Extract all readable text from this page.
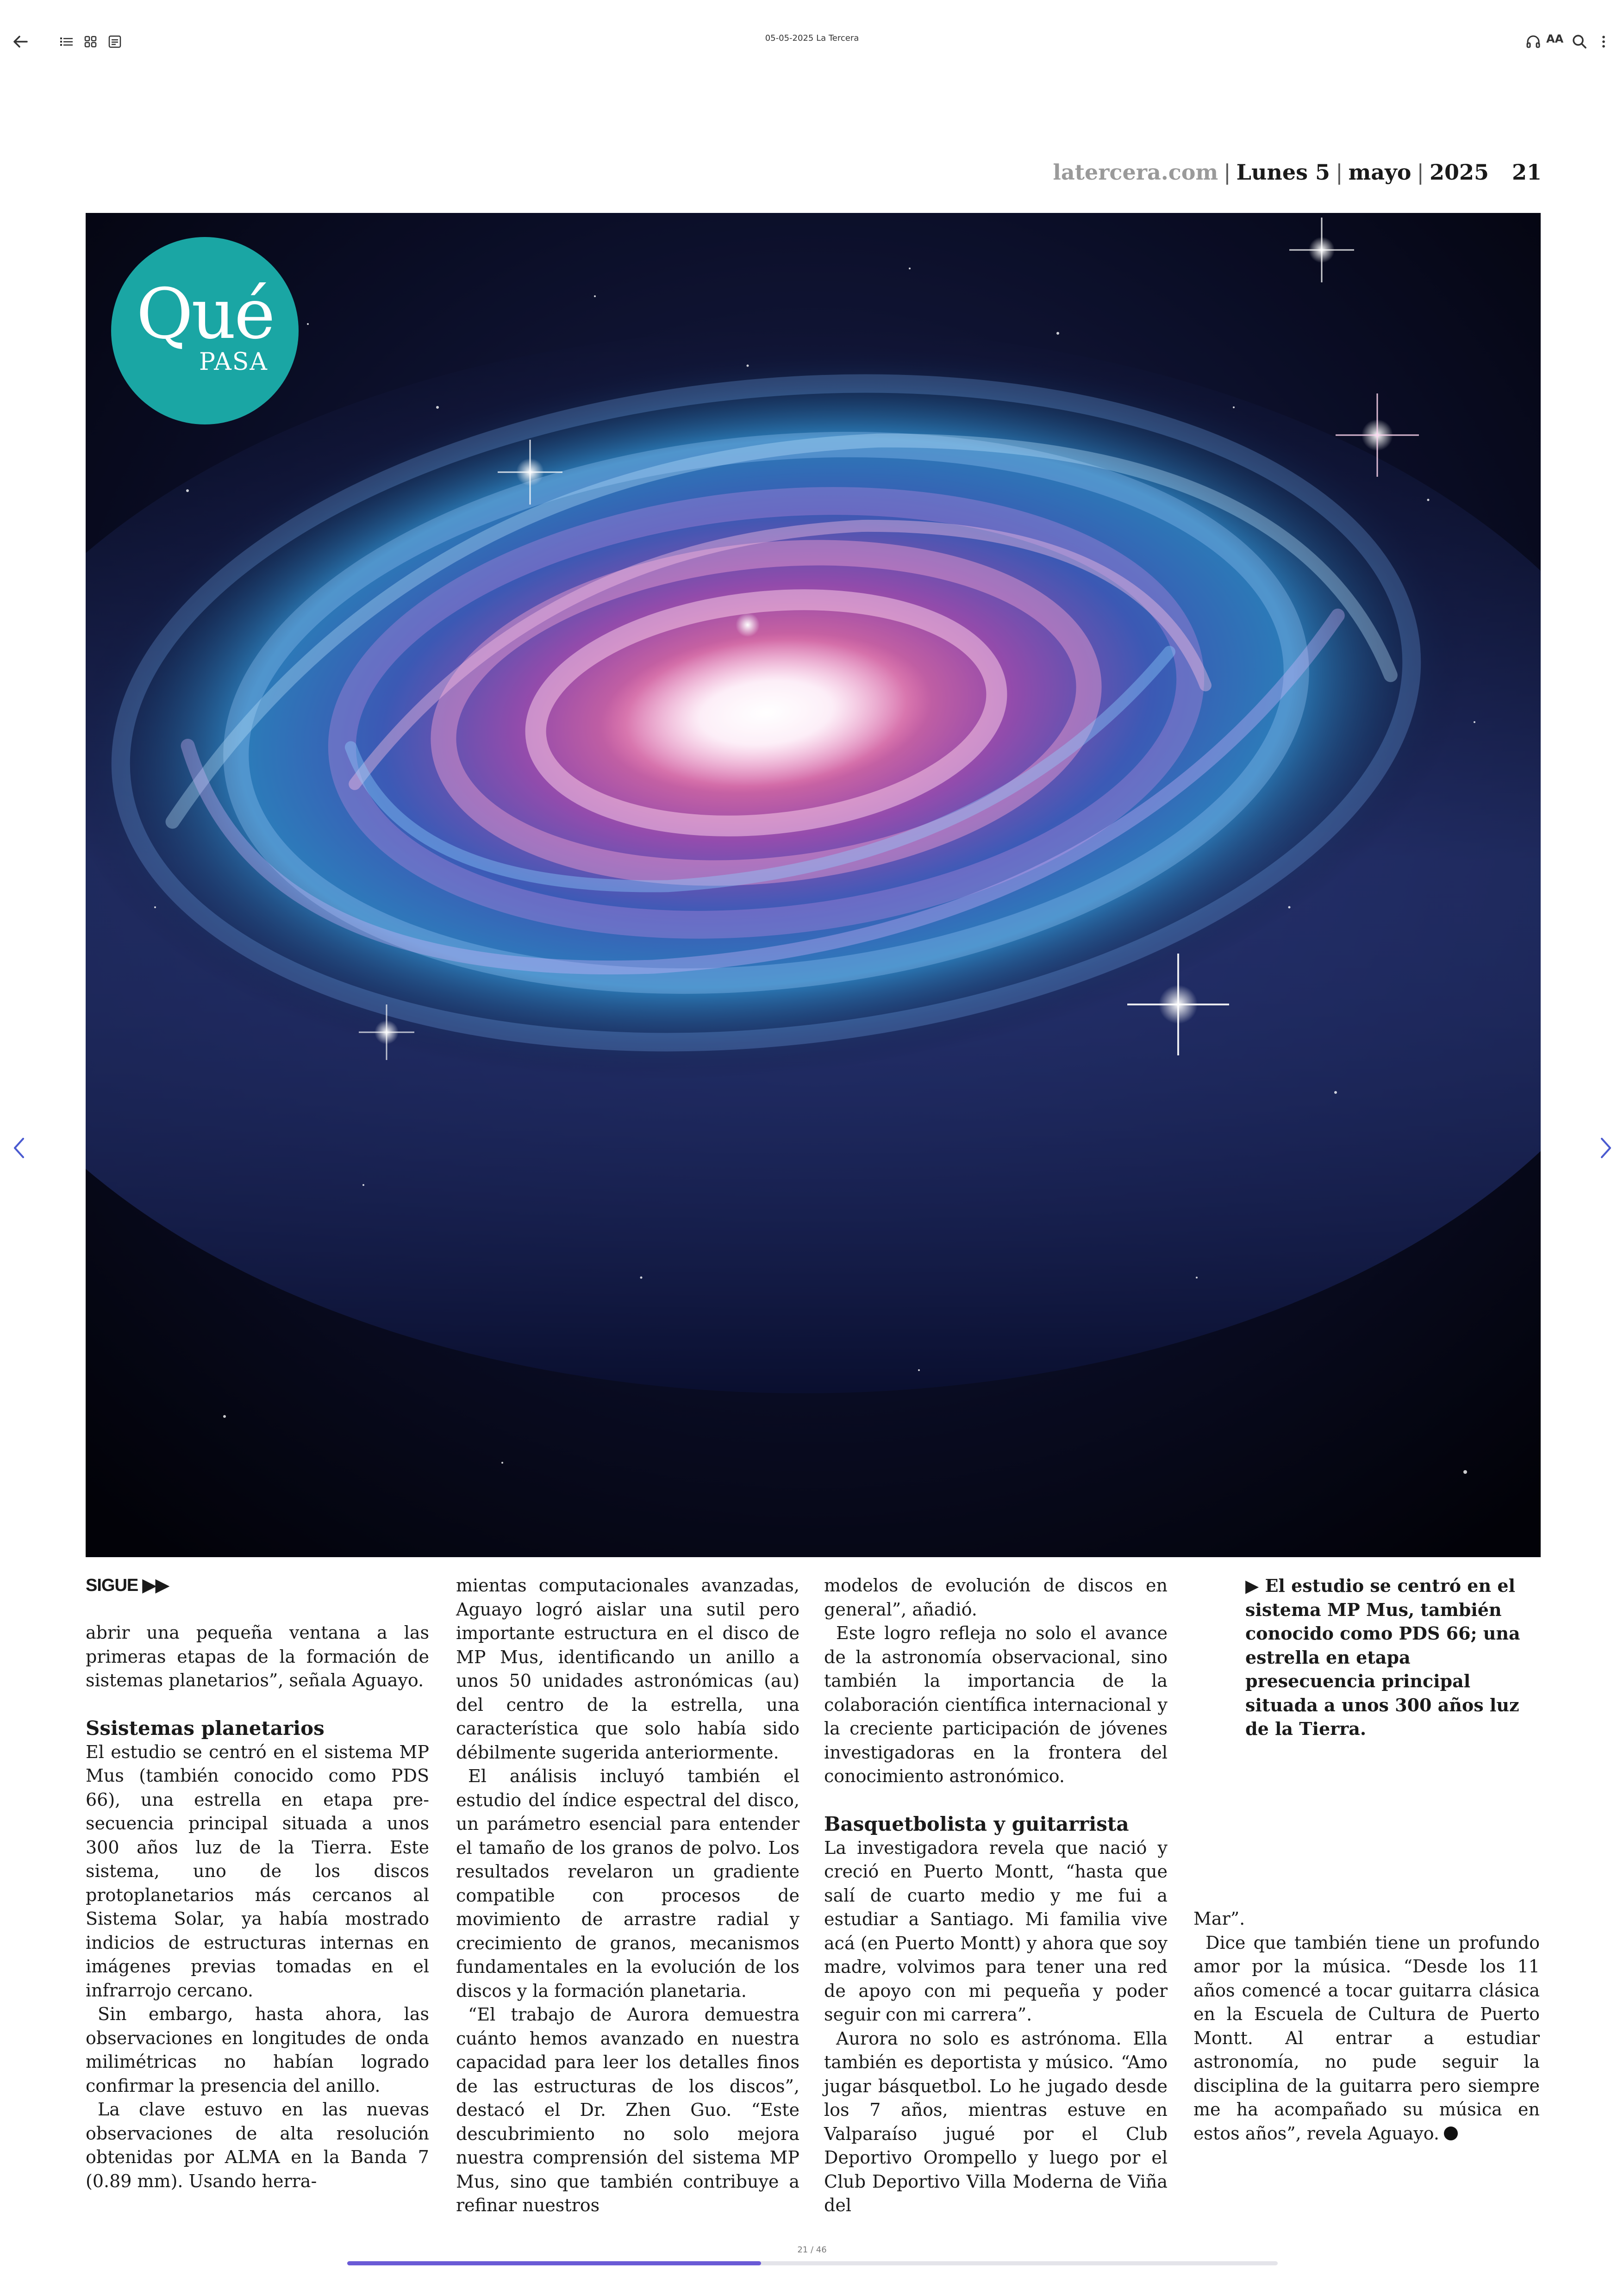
05-05-2025 La Tercera	AA
latercera.com | Lunes 5 | mayo | 2025 21
Qué
PASA
SIGUE ▶▶

abrir una pequeña ventana a las primeras etapas de la formación de sistemas planetarios”, señala Aguayo.

Ssistemas planetarios

El estudio se centró en el sistema MP Mus (también conocido como PDS 66), una estrella en etapa pre-secuencia principal situada a unos 300 años luz de la Tierra. Este sistema, uno de los discos protoplanetarios más cercanos al Sistema Solar, ya había mostrado indicios de estructuras internas en imágenes previas tomadas en el infrarrojo cercano.

Sin embargo, hasta ahora, las observaciones en longitudes de onda milimétricas no habían logrado confirmar la presencia del anillo.

La clave estuvo en las nuevas observaciones de alta resolución obtenidas por ALMA en la Banda 7 (0.89 mm). Usando herra-

mientas computacionales avanzadas, Aguayo logró aislar una sutil pero importante estructura en el disco de MP Mus, identificando un anillo a unos 50 unidades astronómicas (au) del centro de la estrella, una característica que solo había sido débilmente sugerida anteriormente.

El análisis incluyó también el estudio del índice espectral del disco, un parámetro esencial para entender el tamaño de los granos de polvo. Los resultados revelaron un gradiente compatible con procesos de movimiento de arrastre radial y crecimiento de granos, mecanismos fundamentales en la evolución de los discos y la formación planetaria.

“El trabajo de Aurora demuestra cuánto hemos avanzado en nuestra capacidad para leer los detalles finos de las estructuras de los discos”, destacó el Dr. Zhen Guo. “Este descubrimiento no solo mejora nuestra comprensión del sistema MP Mus, sino que también contribuye a refinar nuestros

modelos de evolución de discos en general”, añadió.

Este logro refleja no solo el avance de la astronomía observacional, sino también la importancia de la colaboración científica internacional y la creciente participación de jóvenes investigadoras en la frontera del conocimiento astronómico.

Basquetbolista y guitarrista

La investigadora revela que nació y creció en Puerto Montt, “hasta que salí de cuarto medio y me fui a estudiar a Santiago. Mi familia vive acá (en Puerto Montt) y ahora que soy madre, volvimos para tener una red de apoyo con mi pequeña y poder seguir con mi carrera”.

Aurora no solo es astrónoma. Ella también es deportista y músico. “Amo jugar básquetbol. Lo he jugado desde los 7 años, mientras estuve en Valparaíso jugué por el Club Deportivo Orompello y luego por el Club Deportivo Villa Moderna de Viña del

▶ El estudio se centró en el sistema MP Mus, también conocido como PDS 66; una estrella en etapa presecuencia principal situada a unos 300 años luz de la Tierra.

Mar”.

Dice que también tiene un profundo amor por la música. “Desde los 11 años comencé a tocar guitarra clásica en la Escuela de Cultura de Puerto Montt. Al entrar a estudiar astronomía, no pude seguir la disciplina de la guitarra pero siempre me ha acompañado su música en estos años”, revela Aguayo.

21 / 46
